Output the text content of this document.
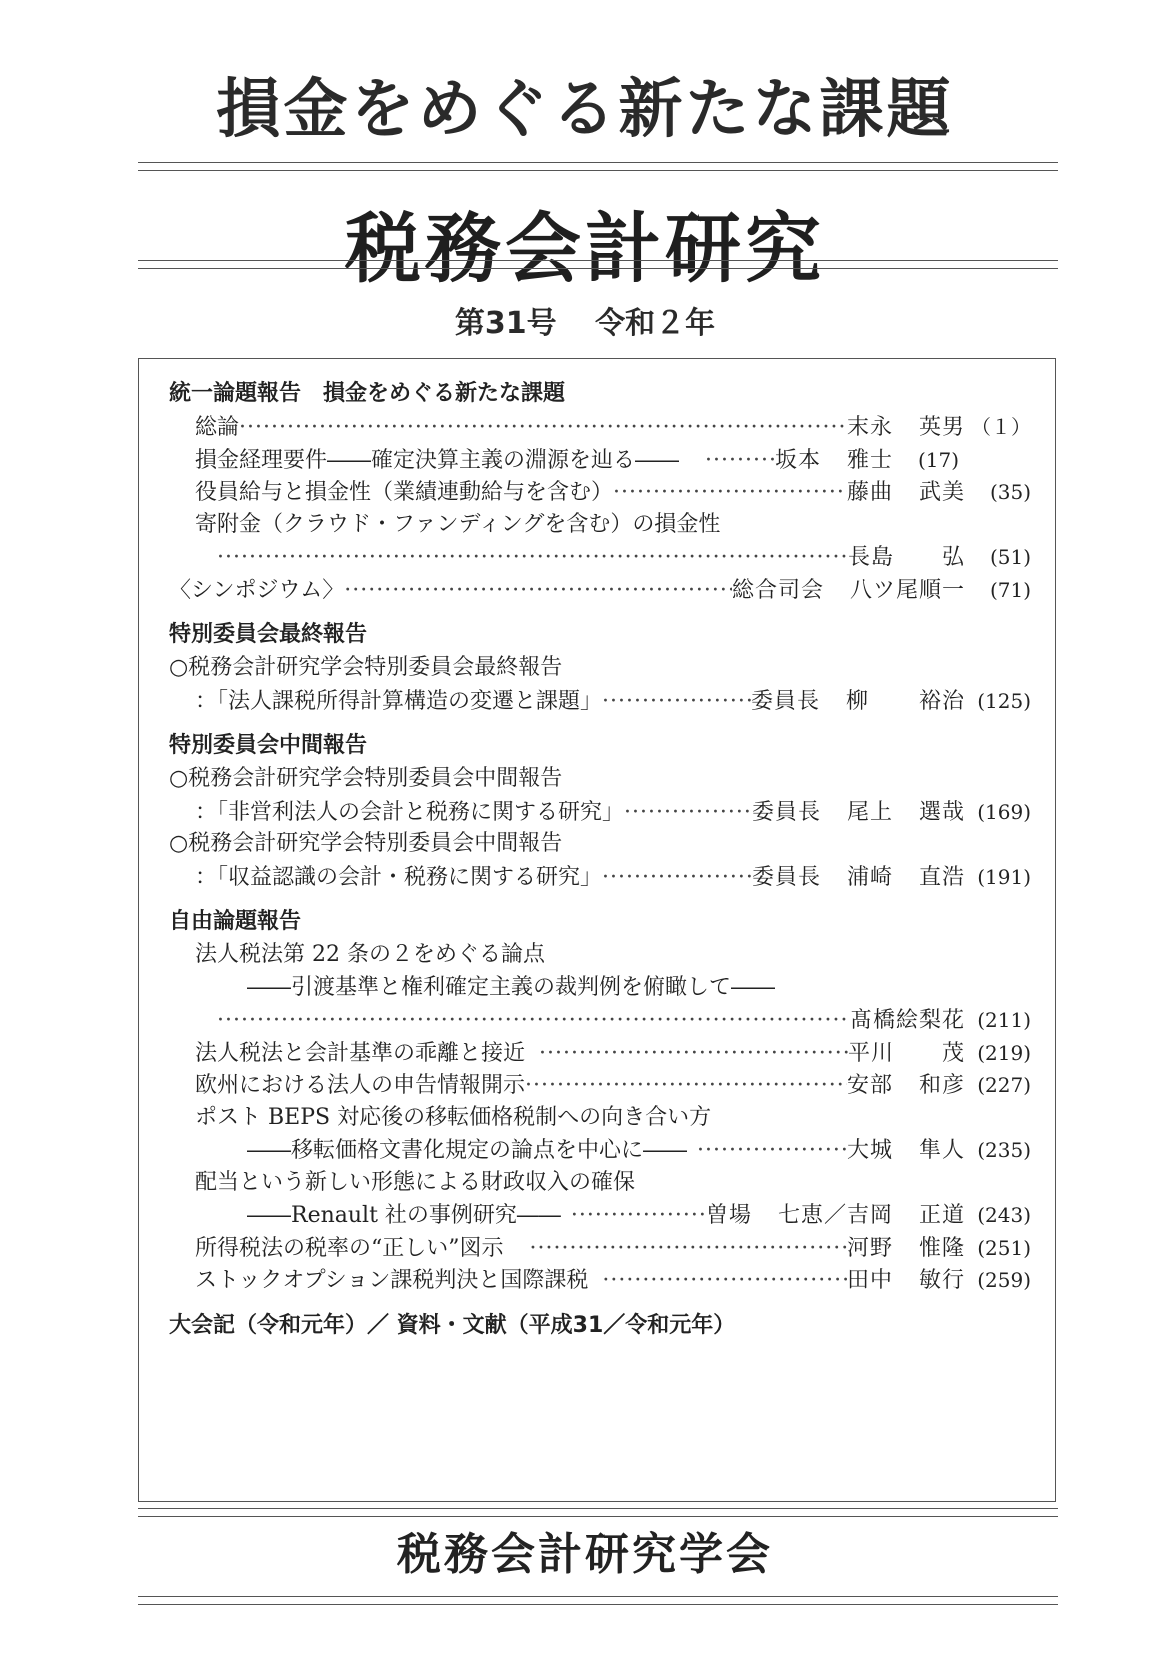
損金をめぐる新たな課題
税務会計研究
第31号 令和２年
統一論題報告 損金をめぐる新たな課題
総論 ·····	末永 英男 （１）
損金経理要件――確定決算主義の淵源を辿る―― ·····	坂本 雅士	(17)
役員給与と損金性（業績連動給与を含む） ·····	藤曲 武美	(35)
寄附金（クラウド・ファンディングを含む）の損金性
·····
長島 弘	(51)
〈シンポジウム〉 ·····	総合司会 八ツ尾順一	(71)
特別委員会最終報告
○税務会計研究学会特別委員会最終報告
：「法人課税所得計算構造の変遷と課題」 ·····	委員長 柳 裕治 (125)
特別委員会中間報告
○税務会計研究学会特別委員会中間報告
：「非営利法人の会計と税務に関する研究」 ·····	委員長 尾上 選哉 (169)
○税務会計研究学会特別委員会中間報告
：「収益認識の会計・税務に関する研究」 ·····	委員長 浦崎 直浩 (191)
自由論題報告
法人税法第 22 条の２をめぐる論点
――引渡基準と権利確定主義の裁判例を俯瞰して――
·····
髙橋絵梨花 (211)
法人税法と会計基準の乖離と接近 ·····	平川 茂 (219)
欧州における法人の申告情報開示 ·····	安部 和彦 (227)
ポスト BEPS 対応後の移転価格税制への向き合い方
――移転価格文書化規定の論点を中心に―― ·····	大城 隼人 (235)
配当という新しい形態による財政収入の確保
――Renault 社の事例研究―― ·····	曽場 七恵／吉岡 正道 (243)
所得税法の税率の“正しい”図示 ·····	河野 惟隆 (251)
ストックオプション課税判決と国際課税 ·····	田中 敏行 (259)
大会記（令和元年）／ 資料・文献（平成31／令和元年）
税務会計研究学会
